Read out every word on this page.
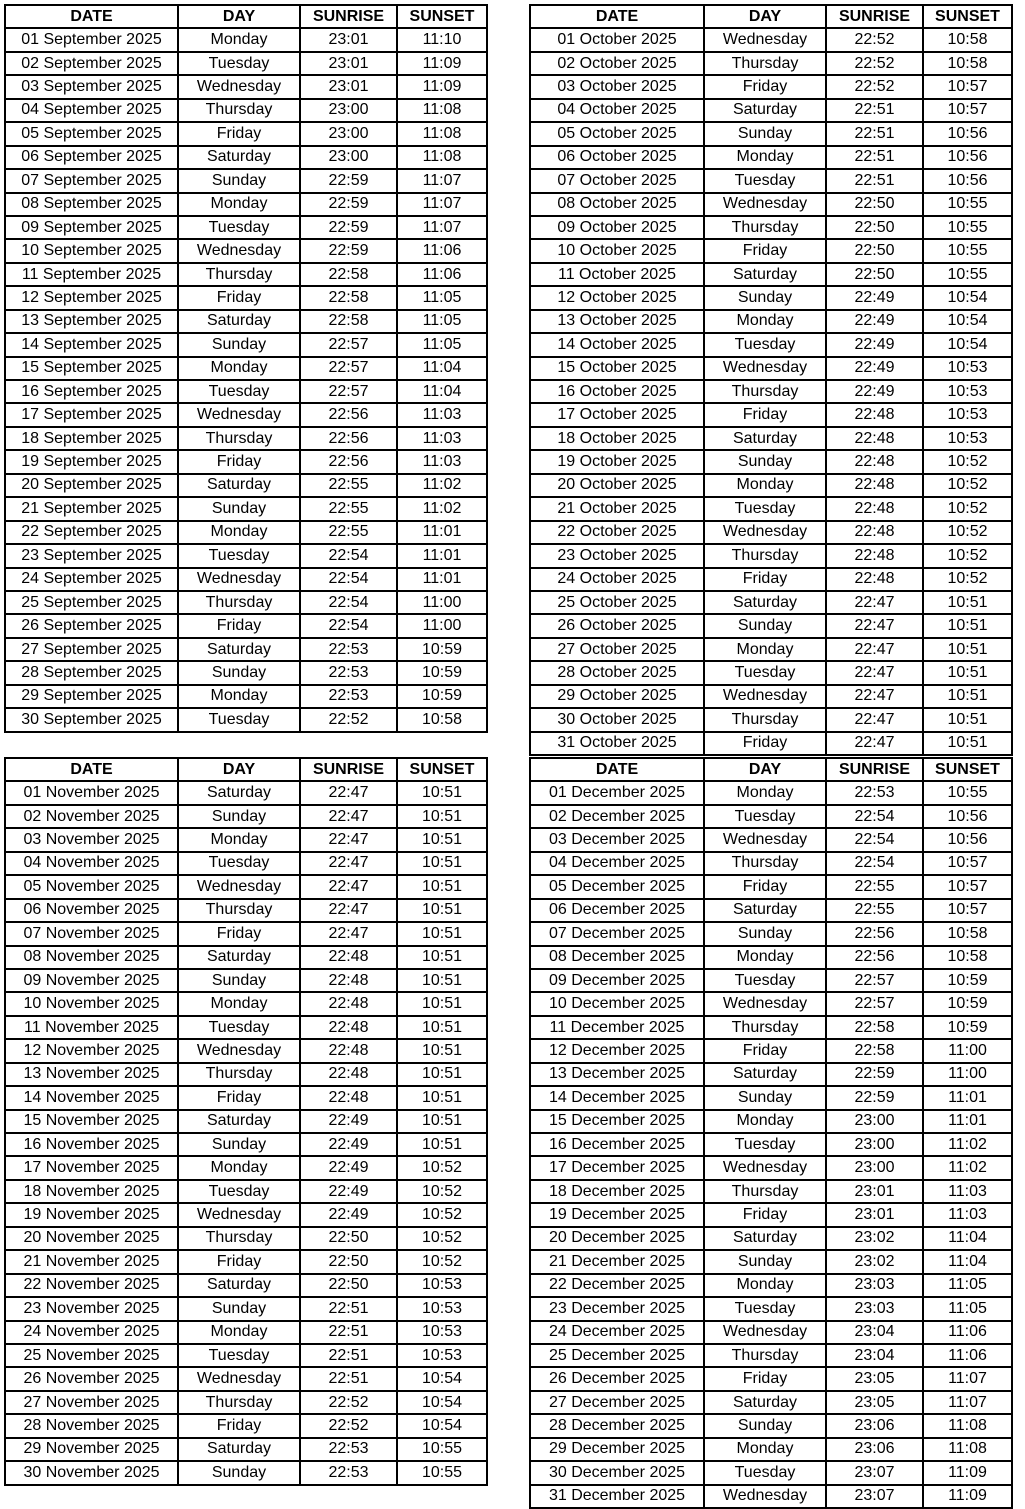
DATE	DAY	SUNRISE	SUNSET
01 September 2025	Monday	23:01	11:10
02 September 2025	Tuesday	23:01	11:09
03 September 2025	Wednesday	23:01	11:09
04 September 2025	Thursday	23:00	11:08
05 September 2025	Friday	23:00	11:08
06 September 2025	Saturday	23:00	11:08
07 September 2025	Sunday	22:59	11:07
08 September 2025	Monday	22:59	11:07
09 September 2025	Tuesday	22:59	11:07
10 September 2025	Wednesday	22:59	11:06
11 September 2025	Thursday	22:58	11:06
12 September 2025	Friday	22:58	11:05
13 September 2025	Saturday	22:58	11:05
14 September 2025	Sunday	22:57	11:05
15 September 2025	Monday	22:57	11:04
16 September 2025	Tuesday	22:57	11:04
17 September 2025	Wednesday	22:56	11:03
18 September 2025	Thursday	22:56	11:03
19 September 2025	Friday	22:56	11:03
20 September 2025	Saturday	22:55	11:02
21 September 2025	Sunday	22:55	11:02
22 September 2025	Monday	22:55	11:01
23 September 2025	Tuesday	22:54	11:01
24 September 2025	Wednesday	22:54	11:01
25 September 2025	Thursday	22:54	11:00
26 September 2025	Friday	22:54	11:00
27 September 2025	Saturday	22:53	10:59
28 September 2025	Sunday	22:53	10:59
29 September 2025	Monday	22:53	10:59
30 September 2025	Tuesday	22:52	10:58
DATE	DAY	SUNRISE	SUNSET
01 October 2025	Wednesday	22:52	10:58
02 October 2025	Thursday	22:52	10:58
03 October 2025	Friday	22:52	10:57
04 October 2025	Saturday	22:51	10:57
05 October 2025	Sunday	22:51	10:56
06 October 2025	Monday	22:51	10:56
07 October 2025	Tuesday	22:51	10:56
08 October 2025	Wednesday	22:50	10:55
09 October 2025	Thursday	22:50	10:55
10 October 2025	Friday	22:50	10:55
11 October 2025	Saturday	22:50	10:55
12 October 2025	Sunday	22:49	10:54
13 October 2025	Monday	22:49	10:54
14 October 2025	Tuesday	22:49	10:54
15 October 2025	Wednesday	22:49	10:53
16 October 2025	Thursday	22:49	10:53
17 October 2025	Friday	22:48	10:53
18 October 2025	Saturday	22:48	10:53
19 October 2025	Sunday	22:48	10:52
20 October 2025	Monday	22:48	10:52
21 October 2025	Tuesday	22:48	10:52
22 October 2025	Wednesday	22:48	10:52
23 October 2025	Thursday	22:48	10:52
24 October 2025	Friday	22:48	10:52
25 October 2025	Saturday	22:47	10:51
26 October 2025	Sunday	22:47	10:51
27 October 2025	Monday	22:47	10:51
28 October 2025	Tuesday	22:47	10:51
29 October 2025	Wednesday	22:47	10:51
30 October 2025	Thursday	22:47	10:51
31 October 2025	Friday	22:47	10:51
DATE	DAY	SUNRISE	SUNSET
01 November 2025	Saturday	22:47	10:51
02 November 2025	Sunday	22:47	10:51
03 November 2025	Monday	22:47	10:51
04 November 2025	Tuesday	22:47	10:51
05 November 2025	Wednesday	22:47	10:51
06 November 2025	Thursday	22:47	10:51
07 November 2025	Friday	22:47	10:51
08 November 2025	Saturday	22:48	10:51
09 November 2025	Sunday	22:48	10:51
10 November 2025	Monday	22:48	10:51
11 November 2025	Tuesday	22:48	10:51
12 November 2025	Wednesday	22:48	10:51
13 November 2025	Thursday	22:48	10:51
14 November 2025	Friday	22:48	10:51
15 November 2025	Saturday	22:49	10:51
16 November 2025	Sunday	22:49	10:51
17 November 2025	Monday	22:49	10:52
18 November 2025	Tuesday	22:49	10:52
19 November 2025	Wednesday	22:49	10:52
20 November 2025	Thursday	22:50	10:52
21 November 2025	Friday	22:50	10:52
22 November 2025	Saturday	22:50	10:53
23 November 2025	Sunday	22:51	10:53
24 November 2025	Monday	22:51	10:53
25 November 2025	Tuesday	22:51	10:53
26 November 2025	Wednesday	22:51	10:54
27 November 2025	Thursday	22:52	10:54
28 November 2025	Friday	22:52	10:54
29 November 2025	Saturday	22:53	10:55
30 November 2025	Sunday	22:53	10:55
DATE	DAY	SUNRISE	SUNSET
01 December 2025	Monday	22:53	10:55
02 December 2025	Tuesday	22:54	10:56
03 December 2025	Wednesday	22:54	10:56
04 December 2025	Thursday	22:54	10:57
05 December 2025	Friday	22:55	10:57
06 December 2025	Saturday	22:55	10:57
07 December 2025	Sunday	22:56	10:58
08 December 2025	Monday	22:56	10:58
09 December 2025	Tuesday	22:57	10:59
10 December 2025	Wednesday	22:57	10:59
11 December 2025	Thursday	22:58	10:59
12 December 2025	Friday	22:58	11:00
13 December 2025	Saturday	22:59	11:00
14 December 2025	Sunday	22:59	11:01
15 December 2025	Monday	23:00	11:01
16 December 2025	Tuesday	23:00	11:02
17 December 2025	Wednesday	23:00	11:02
18 December 2025	Thursday	23:01	11:03
19 December 2025	Friday	23:01	11:03
20 December 2025	Saturday	23:02	11:04
21 December 2025	Sunday	23:02	11:04
22 December 2025	Monday	23:03	11:05
23 December 2025	Tuesday	23:03	11:05
24 December 2025	Wednesday	23:04	11:06
25 December 2025	Thursday	23:04	11:06
26 December 2025	Friday	23:05	11:07
27 December 2025	Saturday	23:05	11:07
28 December 2025	Sunday	23:06	11:08
29 December 2025	Monday	23:06	11:08
30 December 2025	Tuesday	23:07	11:09
31 December 2025	Wednesday	23:07	11:09
